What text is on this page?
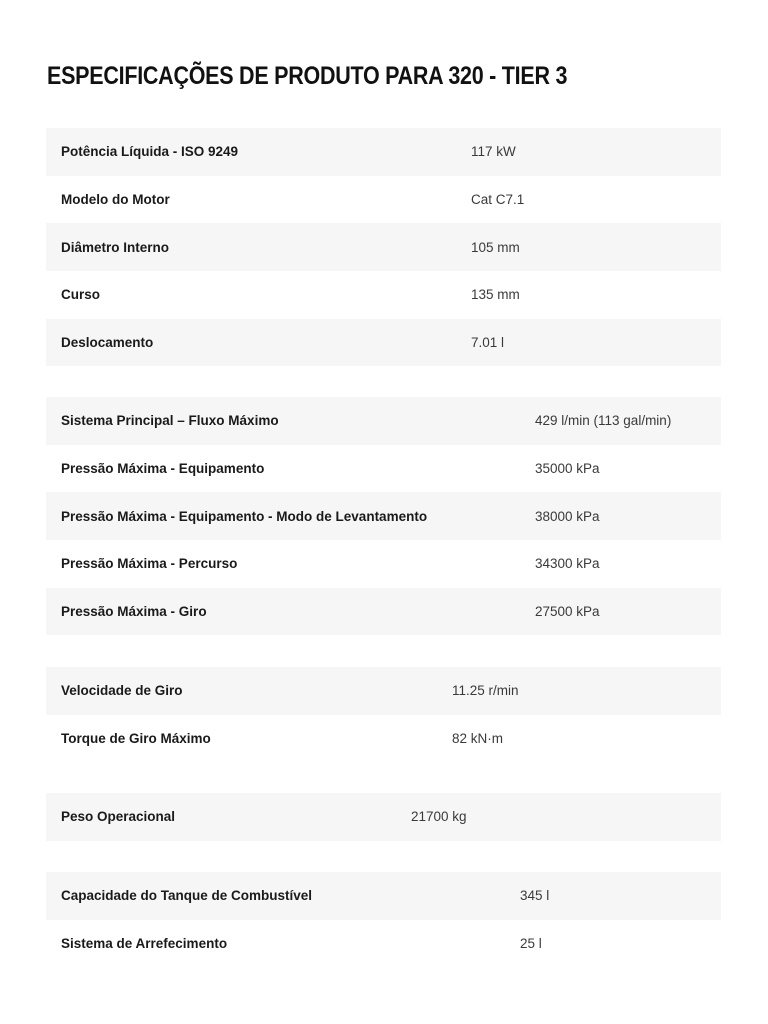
ESPECIFICAÇÕES DE PRODUTO PARA 320 - TIER 3
Potência Líquida - ISO 9249	117 kW
Modelo do Motor	Cat C7.1
Diâmetro Interno	105 mm
Curso	135 mm
Deslocamento	7.01 l
Sistema Principal – Fluxo Máximo	429 l/min (113 gal/min)
Pressão Máxima - Equipamento	35000 kPa
Pressão Máxima - Equipamento - Modo de Levantamento	38000 kPa
Pressão Máxima - Percurso	34300 kPa
Pressão Máxima - Giro	27500 kPa
Velocidade de Giro	11.25 r/min
Torque de Giro Máximo	82 kN·m
Peso Operacional	21700 kg
Capacidade do Tanque de Combustível	345 l
Sistema de Arrefecimento	25 l
